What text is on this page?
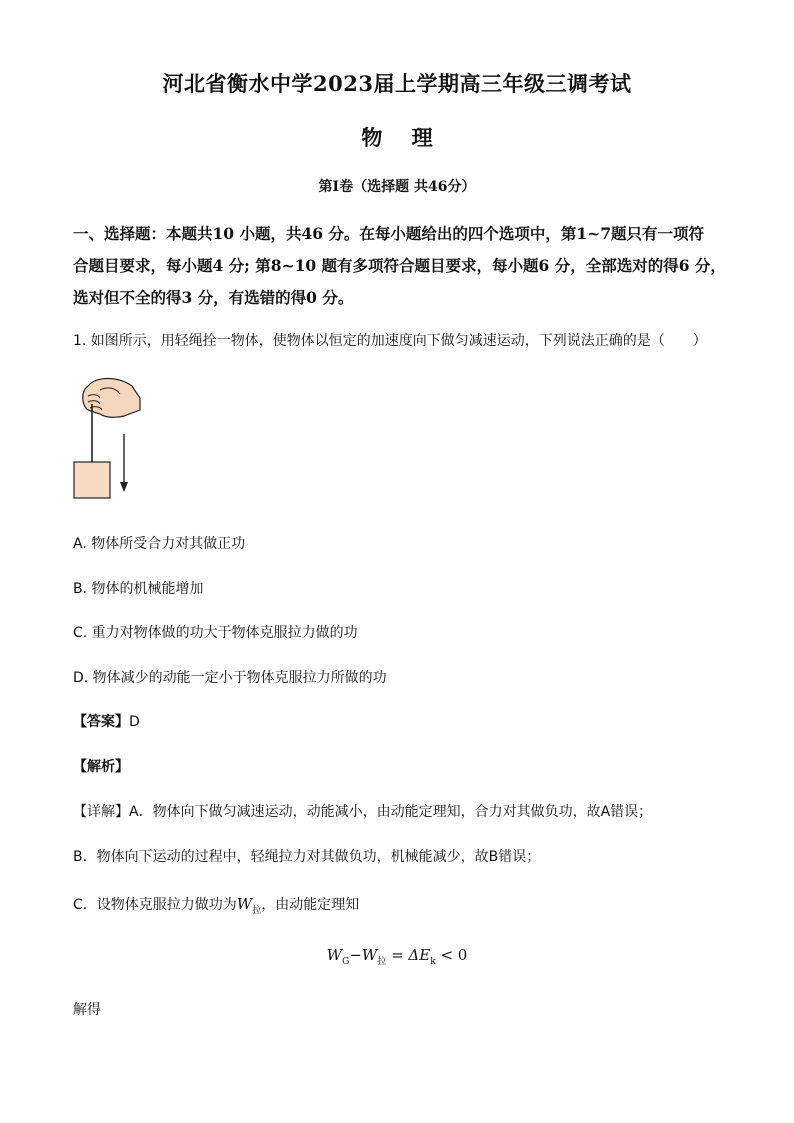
河北省衡水中学2023届上学期高三年级三调考试
物 理
第I卷（选择题 共46分）
一、选择题：本题共10 小题，共46 分。在每小题给出的四个选项中，第1~7题只有一项符
合题目要求，每小题4 分; 第8~10 题有多项符合题目要求，每小题6 分，全部选对的得6 分，
选对但不全的得3 分，有选错的得0 分。
1. 如图所示，用轻绳拴一物体，使物体以恒定的加速度向下做匀减速运动，下列说法正确的是（　　）
A. 物体所受合力对其做正功
B. 物体的机械能增加
C. 重力对物体做的功大于物体克服拉力做的功
D. 物体减少的动能一定小于物体克服拉力所做的功
【答案】D
【解析】
【详解】A．物体向下做匀减速运动，动能减小，由动能定理知，合力对其做负功，故A错误；
B．物体向下运动的过程中，轻绳拉力对其做负功，机械能减少，故B错误；
C．设物体克服拉力做功为$W_拉$，由动能定理知
$W_G-W_拉 = \Delta E_k < 0$
解得
